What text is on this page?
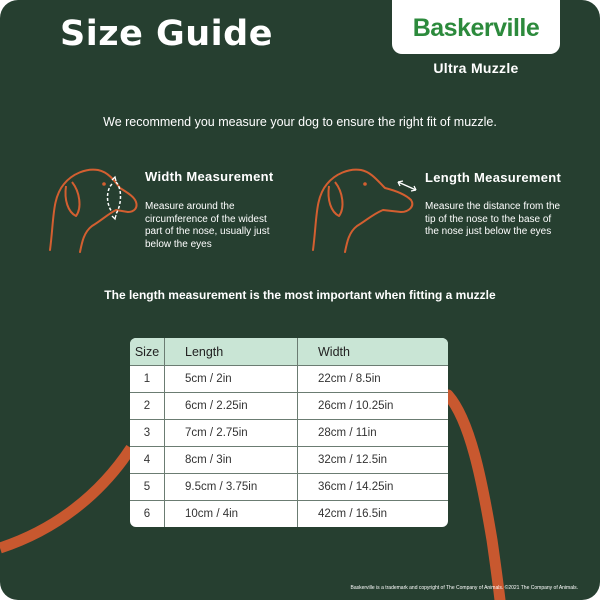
Size Guide	Baskerville
Ultra Muzzle
We recommend you measure your dog to ensure the right fit of muzzle.
Width Measurement
Measure around the
circumference of the widest
part of the nose, usually just
below the eyes
Length Measurement
Measure the distance from the
tip of the nose to the base of
the nose just below the eyes
The length measurement is the most important when fitting a muzzle
Size	Length	Width
1	5cm / 2in	22cm / 8.5in
2	6cm / 2.25in	26cm / 10.25in
3	7cm / 2.75in	28cm / 11in
4	8cm / 3in	32cm / 12.5in
5	9.5cm / 3.75in	36cm / 14.25in
6	10cm / 4in	42cm / 16.5in
Baskerville is a trademark and copyright of The Company of Animals. ©2021 The Company of Animals.
